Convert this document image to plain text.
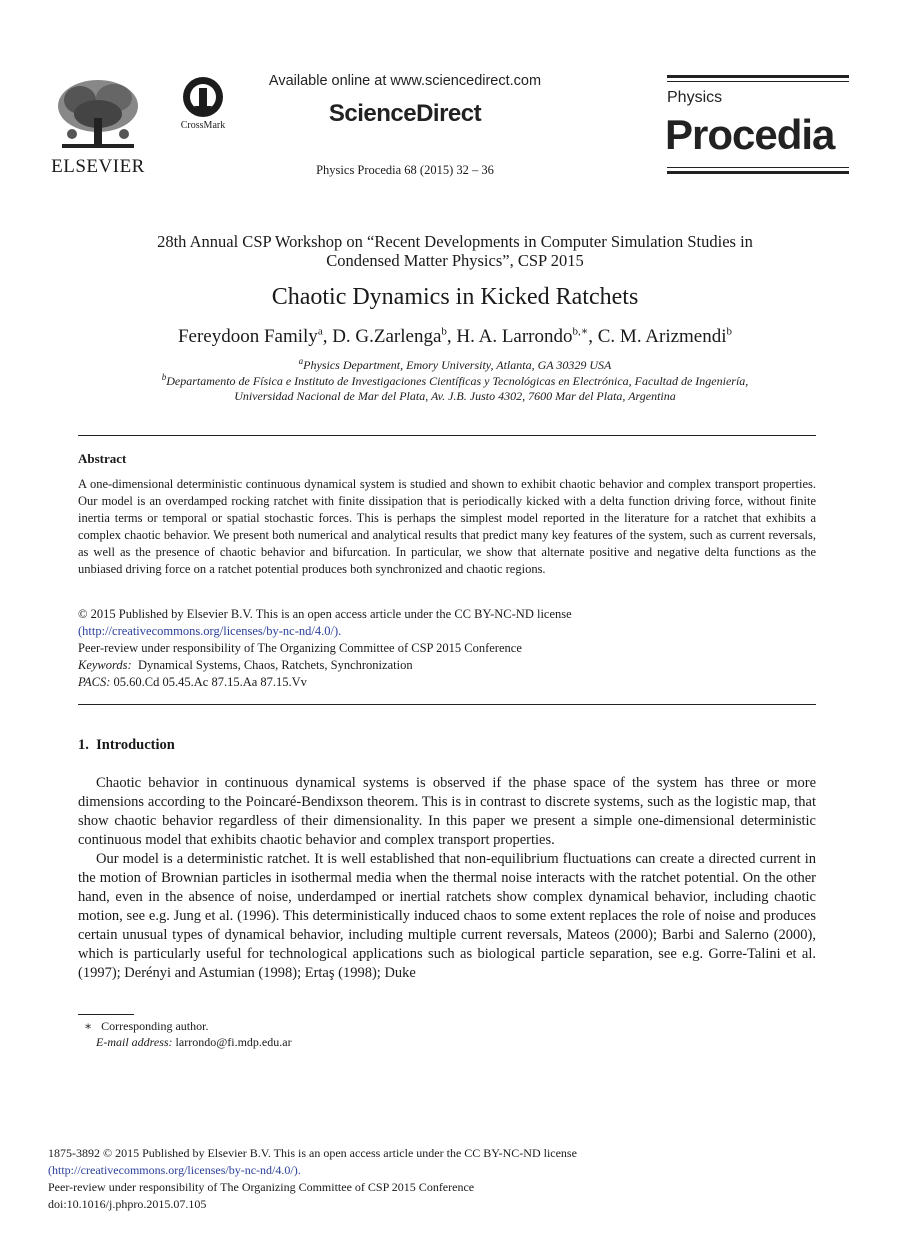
ELSEVIER
CrossMark
Available online at www.sciencedirect.com
ScienceDirect
Physics Procedia 68 (2015) 32 – 36
Physics
Procedia
28th Annual CSP Workshop on “Recent Developments in Computer Simulation Studies in
Condensed Matter Physics”, CSP 2015
Chaotic Dynamics in Kicked Ratchets
Fereydoon Family$^a$, D. G.Zarlenga$^b$, H. A. Larrondo$^{b,∗}$, C. M. Arizmendi$^b$
$^a$Physics Department, Emory University, Atlanta, GA 30329 USA
$^b$Departamento de Física e Instituto de Investigaciones Científicas y Tecnológicas en Electrónica, Facultad de Ingeniería,
Universidad Nacional de Mar del Plata, Av. J.B. Justo 4302, 7600 Mar del Plata, Argentina
Abstract
A one-dimensional deterministic continuous dynamical system is studied and shown to exhibit chaotic behavior and complex transport properties. Our model is an overdamped rocking ratchet with finite dissipation that is periodically kicked with a delta function driving force, without finite inertia terms or temporal or spatial stochastic forces. This is perhaps the simplest model reported in the literature for a ratchet that exhibits a complex chaotic behavior. We present both numerical and analytical results that predict many key features of the system, such as current reversals, as well as the presence of chaotic behavior and bifurcation. In particular, we show that alternate positive and negative delta functions as the unbiased driving force on a ratchet potential produces both synchronized and chaotic regions.
© 2015 Published by Elsevier B.V. This is an open access article under the CC BY-NC-ND license
(http://creativecommons.org/licenses/by-nc-nd/4.0/).
Peer-review under responsibility of The Organizing Committee of CSP 2015 Conference
Keywords: Dynamical Systems, Chaos, Ratchets, Synchronization
PACS: 05.60.Cd 05.45.Ac 87.15.Aa 87.15.Vv
1.  Introduction

Chaotic behavior in continuous dynamical systems is observed if the phase space of the system has three or more dimensions according to the Poincaré-Bendixson theorem. This is in contrast to discrete systems, such as the logistic map, that show chaotic behavior regardless of their dimensionality. In this paper we present a simple one-dimensional deterministic continuous model that exhibits chaotic behavior and complex transport properties.

Our model is a deterministic ratchet. It is well established that non-equilibrium fluctuations can create a directed current in the motion of Brownian particles in isothermal media when the thermal noise interacts with the ratchet potential. On the other hand, even in the absence of noise, underdamped or inertial ratchets show complex dynamical behavior, including chaotic motion, see e.g. Jung et al. (1996). This deterministically induced chaos to some extent replaces the role of noise and produces certain unusual types of dynamical behavior, including multiple current reversals, Mateos (2000); Barbi and Salerno (2000), which is particularly useful for technological applications such as biological particle separation, see e.g. Gorre-Talini et al. (1997); Derényi and Astumian (1998); Ertaş (1998); Duke

∗ Corresponding author.
E-mail address: larrondo@fi.mdp.edu.ar
1875-3892 © 2015 Published by Elsevier B.V. This is an open access article under the CC BY-NC-ND license
(http://creativecommons.org/licenses/by-nc-nd/4.0/).
Peer-review under responsibility of The Organizing Committee of CSP 2015 Conference
doi:10.1016/j.phpro.2015.07.105
